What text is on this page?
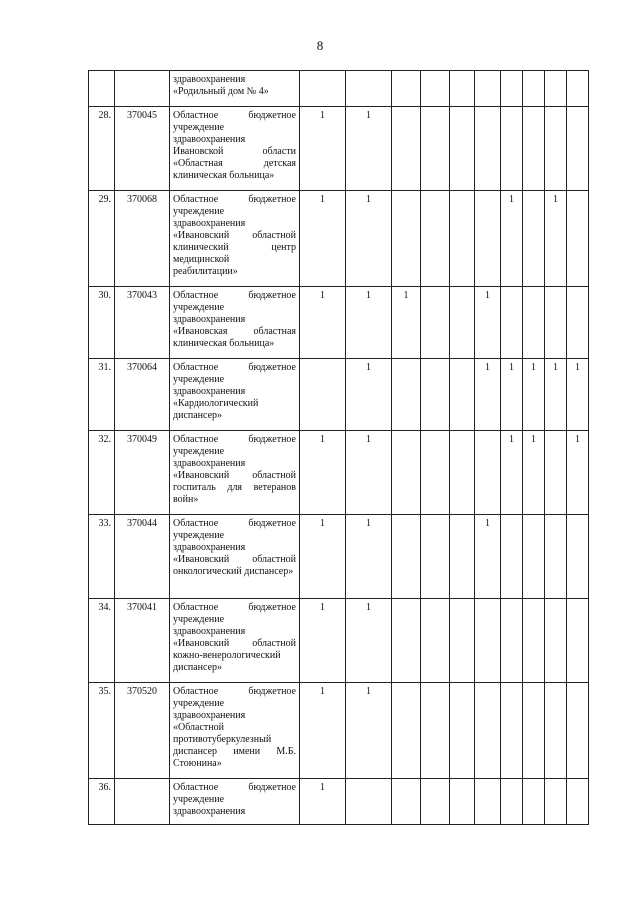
8
		здравоохранения «Родильный дом № 4»										
28.	370045	Областное бюджетное учреждение здравоохранения Ивановской области «Областная детская клиническая больница»	1	1								
29.	370068	Областное бюджетное учреждение здравоохранения «Ивановский областной клинический центр медицинской реабилитации»	1	1					1		1	
30.	370043	Областное бюджетное учреждение здравоохранения «Ивановская областная клиническая больница»	1	1	1			1				
31.	370064	Областное бюджетное учреждение здравоохранения «Кардиологический диспансер»		1				1	1	1	1	1
32.	370049	Областное бюджетное учреждение здравоохранения «Ивановский областной госпиталь для ветеранов войн»	1	1					1	1		1
33.	370044	Областное бюджетное учреждение здравоохранения «Ивановский областной онкологический диспансер»	1	1				1				
34.	370041	Областное бюджетное учреждение здравоохранения «Ивановский областной кожно-венерологический диспансер»	1	1								
35.	370520	Областное бюджетное учреждение здравоохранения «Областной противотуберкулезный диспансер имени М.Б. Стоюнина»	1	1								
36.		Областное бюджетное учреждение здравоохранения	1									
